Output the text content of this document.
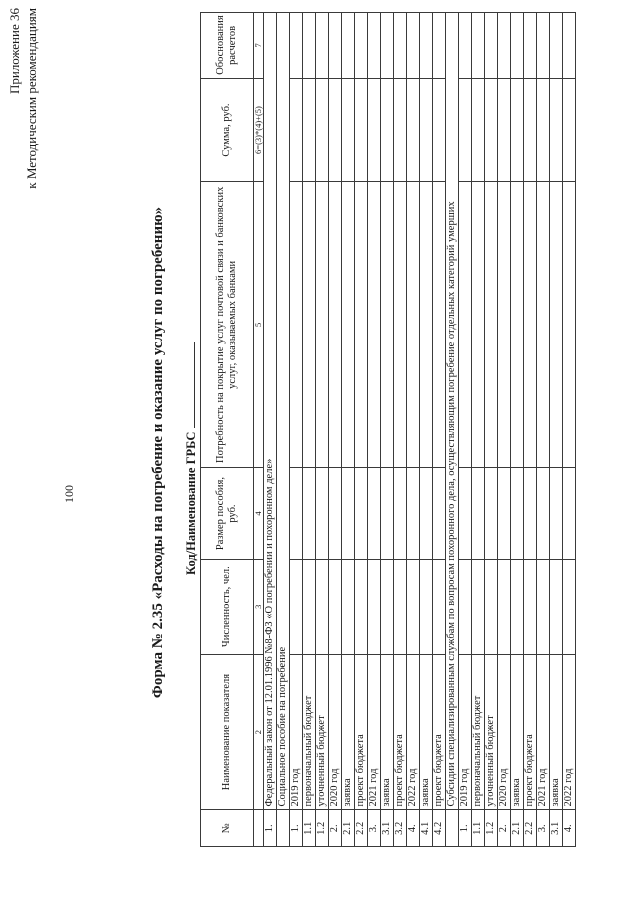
100
Приложение 36 к Методическим рекомендациям
Форма № 2.35 «Расходы на погребение и оказание услуг по погребению» Код/Наименование ГРБС
№	Наименование показателя	Численность, чел.	Размер пособия, руб.	Потребность на покрытие услуг почтовой связи и банковских услуг, оказываемых банками	Сумма, руб.	Обоснования расчетов
	2	3	4	5	6=(3)*(4)+(5)	7
1.	Федеральный закон от 12.01.1996 №8-ФЗ «О погребении и похоронном деле»					
	Социальное пособие на погребение					
1.	2019 год					
1.1	первоначальный бюджет					
1.2	уточненный бюджет					
2.	2020 год					
2.1	заявка					
2.2	проект бюджета					
3.	2021 год					
3.1	заявка					
3.2	проект бюджета					
4.	2022 год					
4.1	заявка					
4.2	проект бюджета					
	Субсидии специализированным службам по вопросам похоронного дела, осуществляющим погребение отдельных категорий умерших					
1.	2019 год					
1.1	первоначальный бюджет					
1.2	уточненный бюджет					
2.	2020 год					
2.1	заявка					
2.2	проект бюджета					
3.	2021 год					
3.1	заявка					
4.	2022 год					
